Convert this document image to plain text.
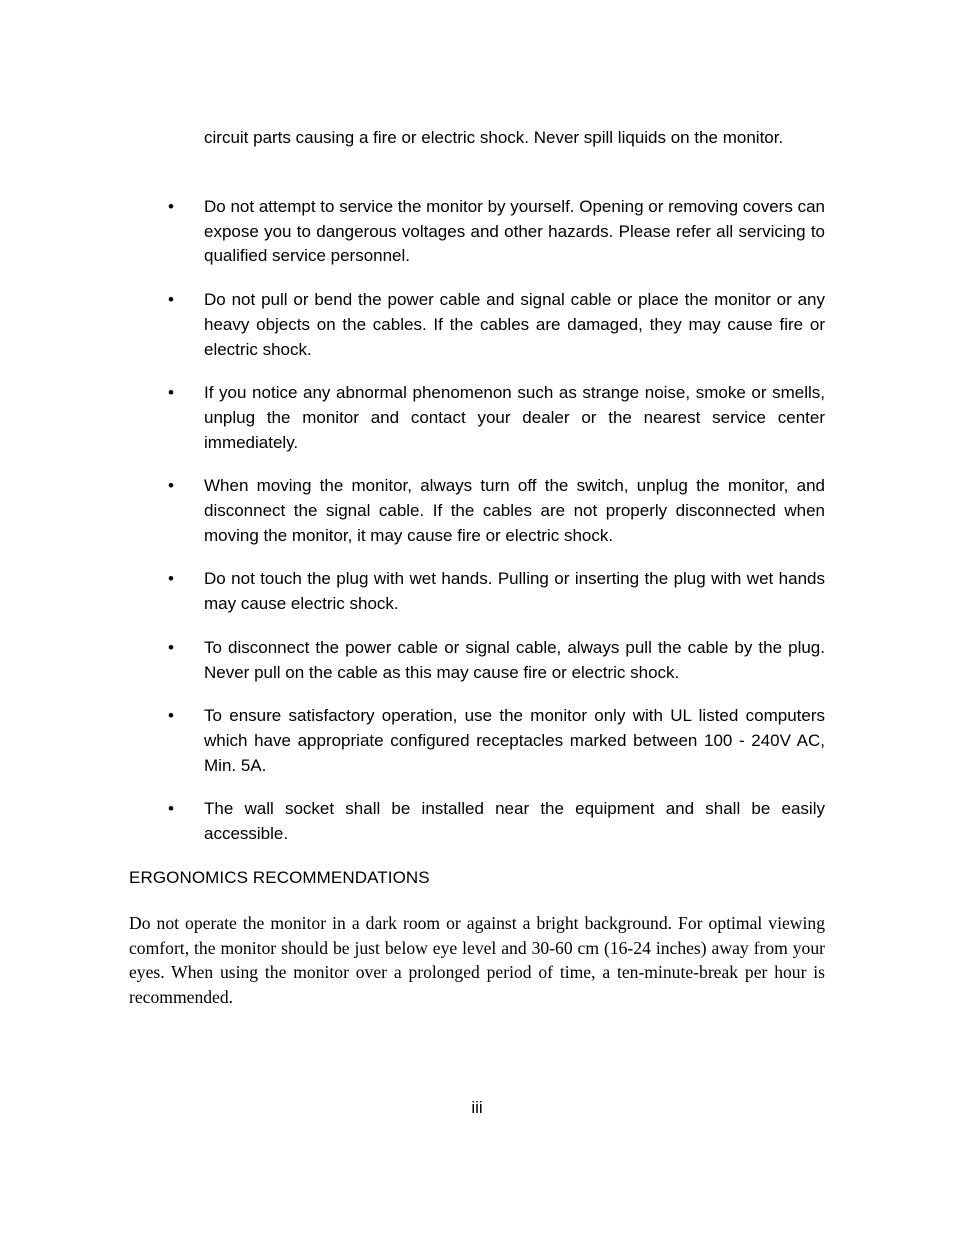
circuit parts causing a fire or electric shock. Never spill liquids on the monitor.

•	Do not attempt to service the monitor by yourself. Opening or removing covers can expose you to dangerous voltages and other hazards. Please refer all servicing to qualified service personnel.
•	Do not pull or bend the power cable and signal cable or place the monitor or any heavy objects on the cables. If the cables are damaged, they may cause fire or electric shock.
•	If you notice any abnormal phenomenon such as strange noise, smoke or smells, unplug the monitor and contact your dealer or the nearest service center immediately.
•	When moving the monitor, always turn off the switch, unplug the monitor, and disconnect the signal cable. If the cables are not properly disconnected when moving the monitor, it may cause fire or electric shock.
•	Do not touch the plug with wet hands. Pulling or inserting the plug with wet hands may cause electric shock.
•	To disconnect the power cable or signal cable, always pull the cable by the plug. Never pull on the cable as this may cause fire or electric shock.
•	To ensure satisfactory operation, use the monitor only with UL listed computers which have appropriate configured receptacles marked between 100 - 240V AC, Min. 5A.
•	The wall socket shall be installed near the equipment and shall be easily accessible.
ERGONOMICS RECOMMENDATIONS

Do not operate the monitor in a dark room or against a bright background. For optimal viewing comfort, the monitor should be just below eye level and 30-60 cm (16-24 inches) away from your eyes. When using the monitor over a prolonged period of time, a ten-minute-break per hour is recommended.

iii
